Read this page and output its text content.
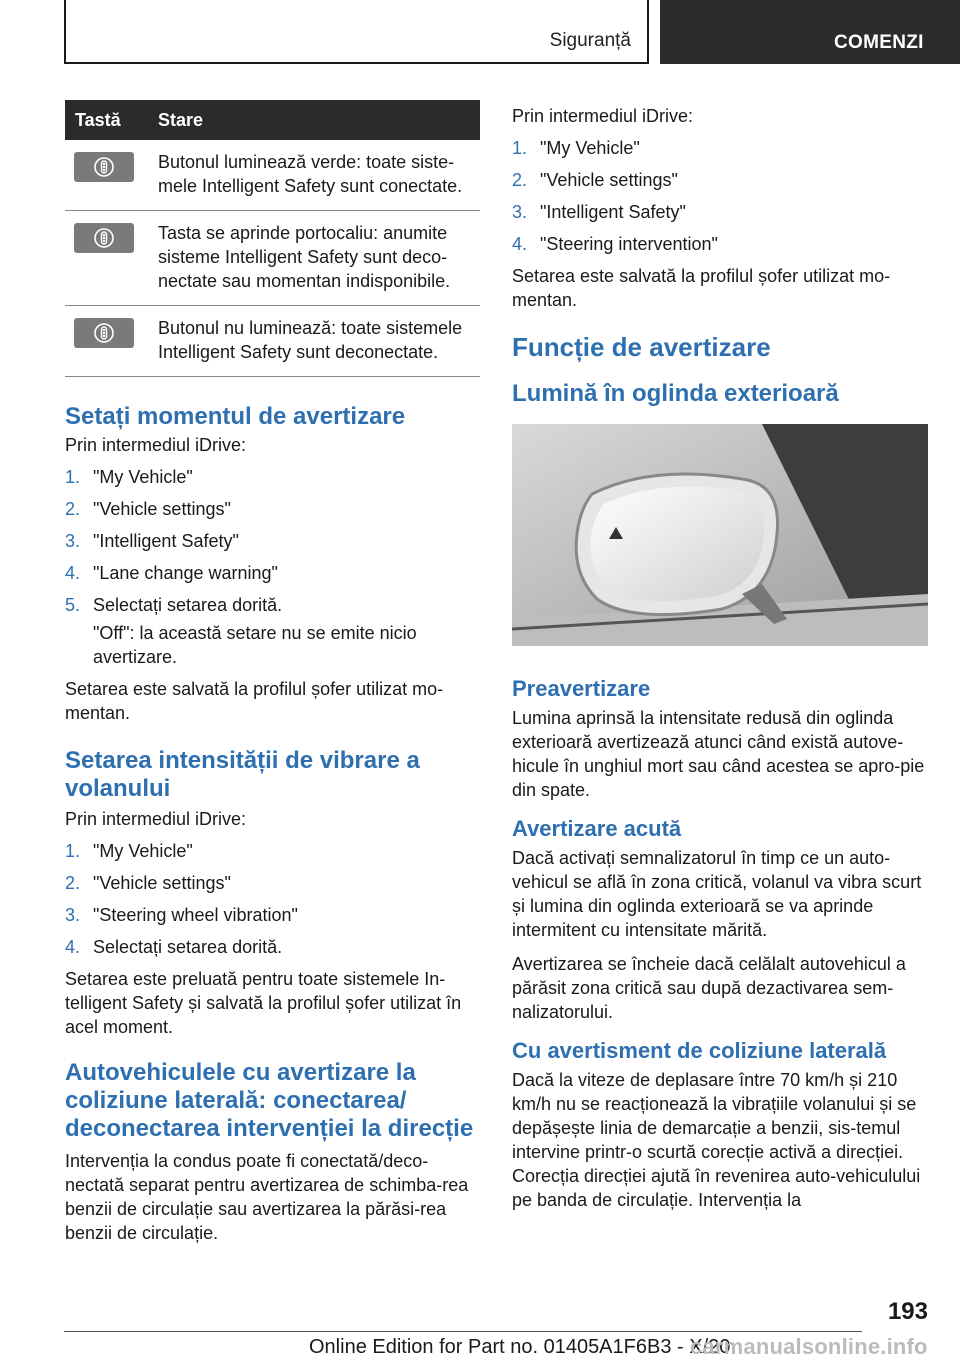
Siguranță	COMENZI
Tastă	Stare

	Butonul luminează verde: toate siste-mele Intelligent Safety sunt conectate.

	Tasta se aprinde portocaliu: anumite sisteme Intelligent Safety sunt deco-nectate sau momentan indisponibile.

	Butonul nu luminează: toate sistemele Intelligent Safety sunt deconectate.
Setați momentul de avertizare

Prin intermediul iDrive:

1. "My Vehicle"
2. "Vehicle settings"
3. "Intelligent Safety"
4. "Lane change warning"
5. Selectați setarea dorită.
"Off": la această setare nu se emite nicio avertizare.

Setarea este salvată la profilul șofer utilizat mo-mentan.

Setarea intensității de vibrare a volanului

Prin intermediul iDrive:

1. "My Vehicle"
2. "Vehicle settings"
3. "Steering wheel vibration"
4. Selectați setarea dorită.

Setarea este preluată pentru toate sistemele In-telligent Safety și salvată la profilul șofer utilizat în acel moment.

Autovehiculele cu avertizare la coliziune laterală: conectarea/ deconectarea intervenției la direcție

Intervenția la condus poate fi conectată/deco-nectată separat pentru avertizarea de schimba-rea benzii de circulație sau avertizarea la părăsi-rea benzii de circulație.

Prin intermediul iDrive:

1. "My Vehicle"
2. "Vehicle settings"
3. "Intelligent Safety"
4. "Steering intervention"

Setarea este salvată la profilul șofer utilizat mo-mentan.

Funcție de avertizare
Lumină în oglinda exterioară
Preavertizare

Lumina aprinsă la intensitate redusă din oglinda exterioară avertizează atunci când există autove-hicule în unghiul mort sau când acestea se apro-pie din spate.

Avertizare acută

Dacă activați semnalizatorul în timp ce un auto-vehicul se află în zona critică, volanul va vibra scurt și lumina din oglinda exterioară se va aprinde intermitent cu intensitate mărită.

Avertizarea se încheie dacă celălalt autovehicul a părăsit zona critică sau după dezactivarea sem-nalizatorului.

Cu avertisment de coliziune laterală

Dacă la viteze de deplasare între 70 km/h și 210 km/h nu se reacționează la vibrațiile volanului și se depășește linia de demarcație a benzii, sis-temul intervine printr-o scurtă corecție activă a direcției. Corecția direcției ajută în revenirea auto-vehiculului pe banda de circulație. Intervenția la

193
Online Edition for Part no. 01405A1F6B3 - X/20
carmanualsonline.info
